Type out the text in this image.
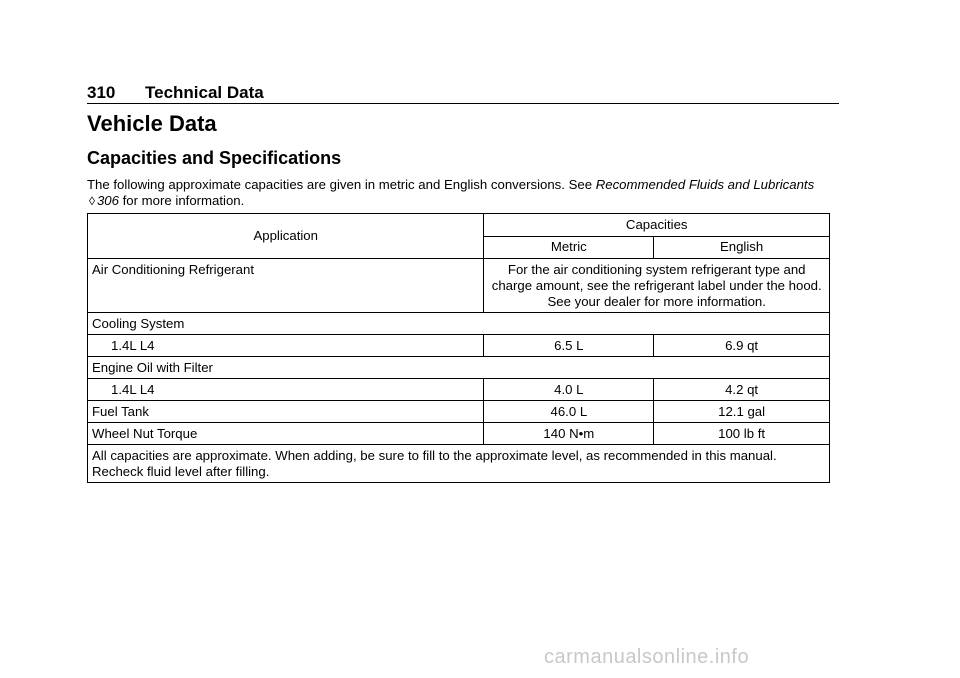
310 Technical Data
Vehicle Data
Capacities and Specifications
The following approximate capacities are given in metric and English conversions. See Recommended Fluids and Lubricants ◊ 306 for more information.
Application	Capacities	
	Metric	English
Air Conditioning Refrigerant	For the air conditioning system refrigerant type and charge amount, see the refrigerant label under the hood. See your dealer for more information.	
Cooling System		
1.4L L4	6.5 L	6.9 qt
Engine Oil with Filter		
1.4L L4	4.0 L	4.2 qt
Fuel Tank	46.0 L	12.1 gal
Wheel Nut Torque	140 N•m	100 lb ft
All capacities are approximate. When adding, be sure to fill to the approximate level, as recommended in this manual. Recheck fluid level after filling.		
carmanualsonline.info
